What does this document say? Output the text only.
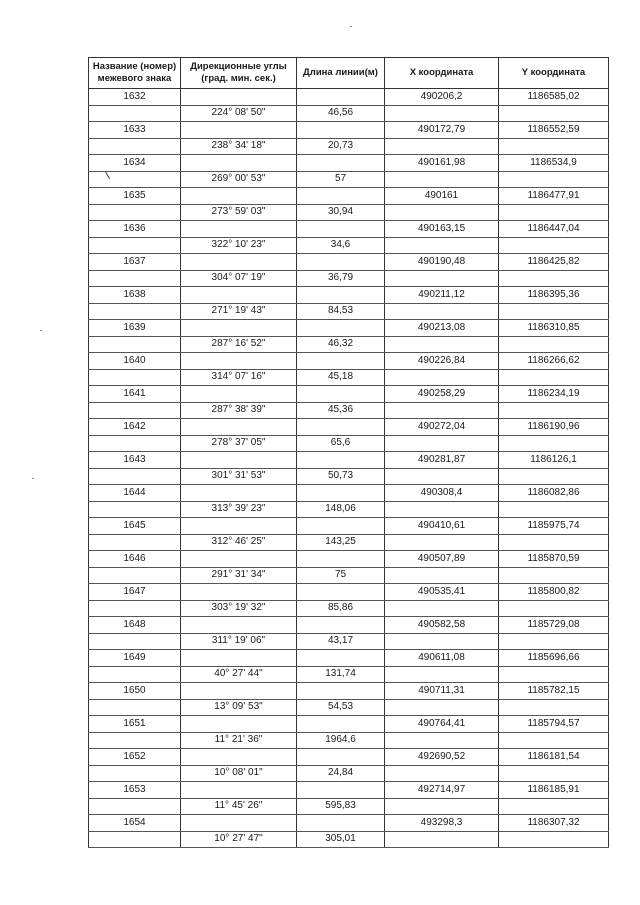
Название (номер) межевого знака	Дирекционные углы (град. мин. сек.)	Длина линии(м)	X координата	Y координата
1632			490206,2	1186585,02
	224° 08' 50"	46,56		
1633			490172,79	1186552,59
	238° 34' 18"	20,73		
1634			490161,98	1186534,9
	269° 00' 53"	57		
1635			490161	1186477,91
	273° 59' 03"	30,94		
1636			490163,15	1186447,04
	322° 10' 23"	34,6		
1637			490190,48	1186425,82
	304° 07' 19"	36,79		
1638			490211,12	1186395,36
	271° 19' 43"	84,53		
1639			490213,08	1186310,85
	287° 16' 52"	46,32		
1640			490226,84	1186266,62
	314° 07' 16"	45,18		
1641			490258,29	1186234,19
	287° 38' 39"	45,36		
1642			490272,04	1186190,96
	278° 37' 05"	65,6		
1643			490281,87	1186126,1
	301° 31' 53"	50,73		
1644			490308,4	1186082,86
	313° 39' 23"	148,06		
1645			490410,61	1185975,74
	312° 46' 25"	143,25		
1646			490507,89	1185870,59
	291° 31' 34"	75		
1647			490535,41	1185800,82
	303° 19' 32"	85,86		
1648			490582,58	1185729,08
	311° 19' 06"	43,17		
1649			490611,08	1185696,66
	40° 27' 44"	131,74		
1650			490711,31	1185782,15
	13° 09' 53"	54,53		
1651			490764,41	1185794,57
	11° 21' 36"	1964,6		
1652			492690,52	1186181,54
	10° 08' 01"	24,84		
1653			492714,97	1186185,91
	11° 45' 26"	595,83		
1654			493298,3	1186307,32
	10° 27' 47"	305,01		
